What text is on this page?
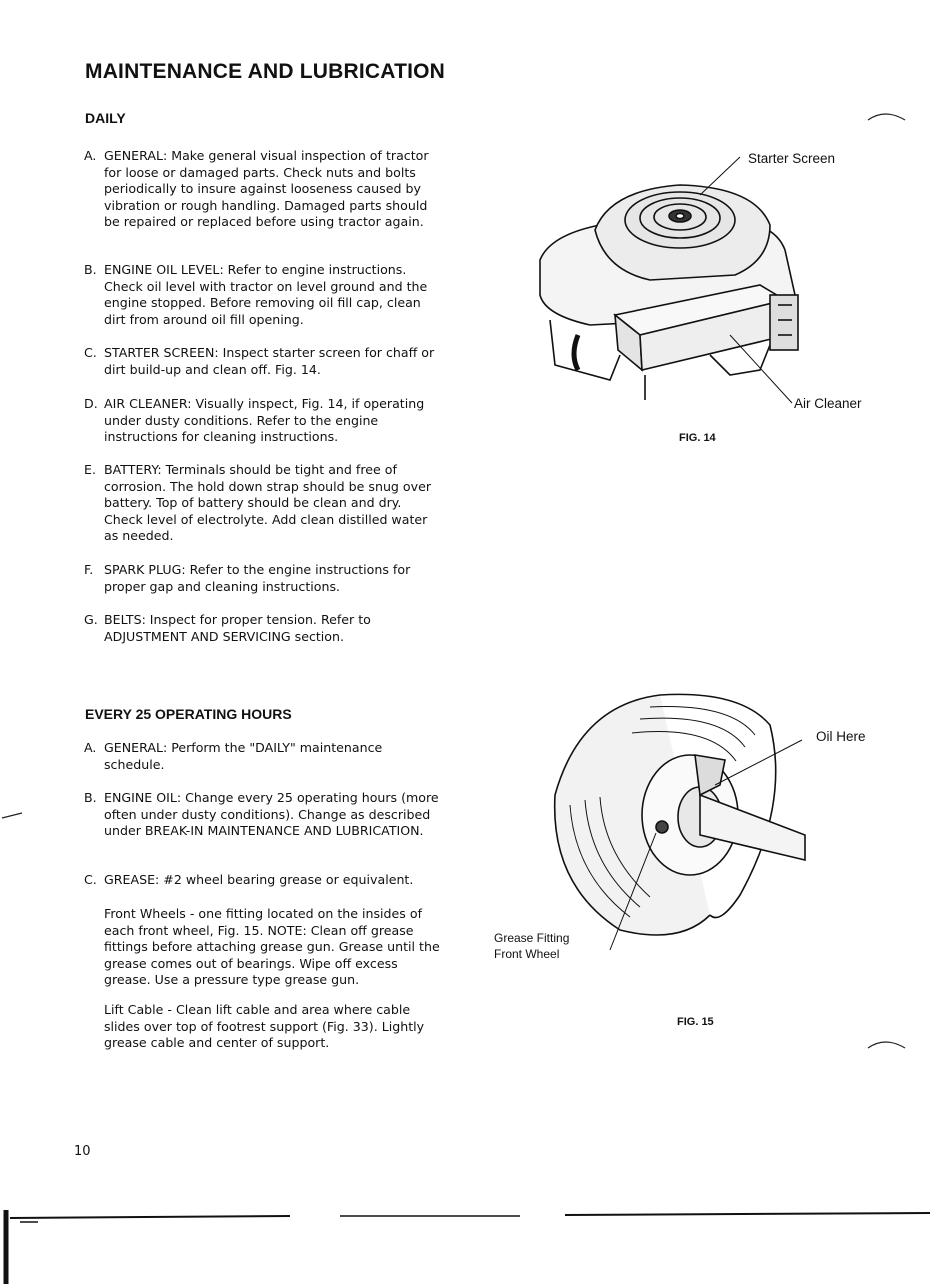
MAINTENANCE AND LUBRICATION
DAILY
A. GENERAL: Make general visual inspection of tractor for loose or damaged parts. Check nuts and bolts periodically to insure against looseness caused by vibration or rough handling. Damaged parts should be repaired or replaced before using tractor again.
B. ENGINE OIL LEVEL: Refer to engine instructions. Check oil level with tractor on level ground and the engine stopped. Before removing oil fill cap, clean dirt from around oil fill opening.
C. STARTER SCREEN: Inspect starter screen for chaff or dirt build-up and clean off. Fig. 14.
D. AIR CLEANER: Visually inspect, Fig. 14, if operating under dusty conditions. Refer to the engine instructions for cleaning instructions.
E. BATTERY: Terminals should be tight and free of corrosion. The hold down strap should be snug over battery. Top of battery should be clean and dry. Check level of electrolyte. Add clean distilled water as needed.
F. SPARK PLUG: Refer to the engine instructions for proper gap and cleaning instructions.
G. BELTS: Inspect for proper tension. Refer to ADJUSTMENT AND SERVICING section.
EVERY 25 OPERATING HOURS
A. GENERAL: Perform the "DAILY" maintenance schedule.
B. ENGINE OIL: Change every 25 operating hours (more often under dusty conditions). Change as described under BREAK-IN MAINTENANCE AND LUBRICATION.
C. GREASE: #2 wheel bearing grease or equivalent.
Front Wheels - one fitting located on the insides of each front wheel, Fig. 15. NOTE: Clean off grease fittings before attaching grease gun. Grease until the grease comes out of bearings. Wipe off excess grease. Use a pressure type grease gun.
Lift Cable - Clean lift cable and area where cable slides over top of footrest support (Fig. 33). Lightly grease cable and center of support.
10
Starter Screen
Air Cleaner
FIG. 14
Oil Here
Grease Fitting
Front Wheel
FIG. 15
